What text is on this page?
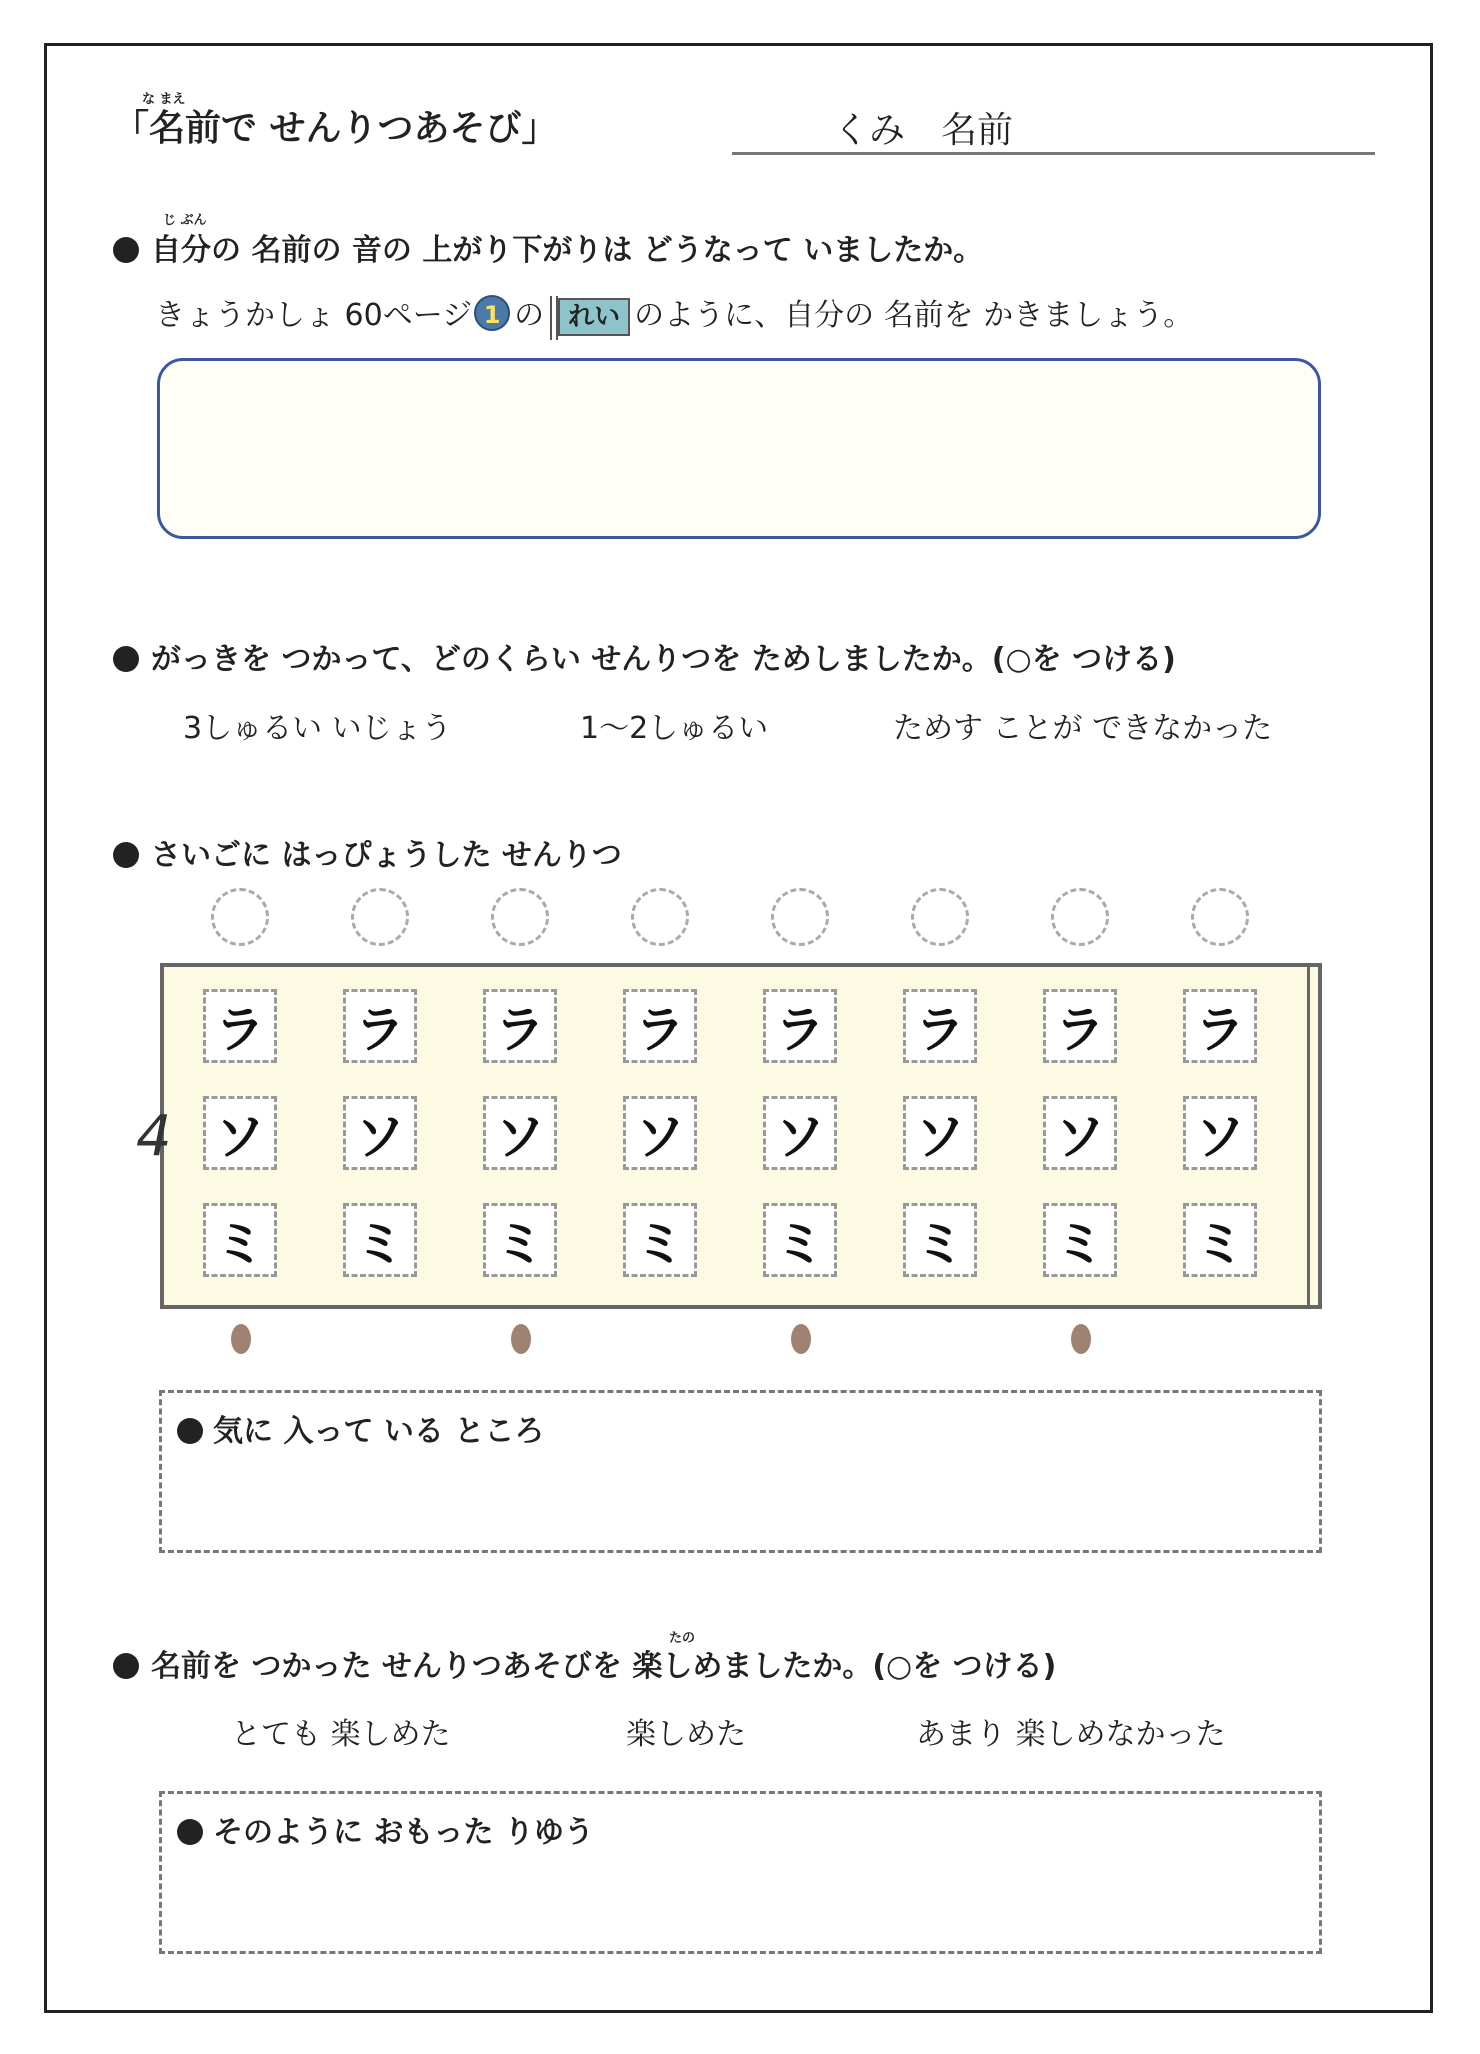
な まえ
「名前で せんりつあそび」	くみ　名前
じ ぶん
自分の 名前の 音の 上がり下がりは どうなって いましたか。
きょうかしょ 60ページ 1 の れい のように、自分の 名前を かきましょう。
がっきを つかって、どのくらい せんりつを ためしましたか。(○を つける)
3しゅるい いじょう	1～2しゅるい	ためす ことが できなかった
さいごに はっぴょうした せんりつ
4
ラ ラ ラ ラ ラ ラ ラ ラ
ソ ソ ソ ソ ソ ソ ソ ソ
ミ ミ ミ ミ ミ ミ ミ ミ
気に 入って いる ところ
たの
名前を つかった せんりつあそびを 楽しめましたか。(○を つける)
とても 楽しめた	楽しめた	あまり 楽しめなかった
そのように おもった りゆう
